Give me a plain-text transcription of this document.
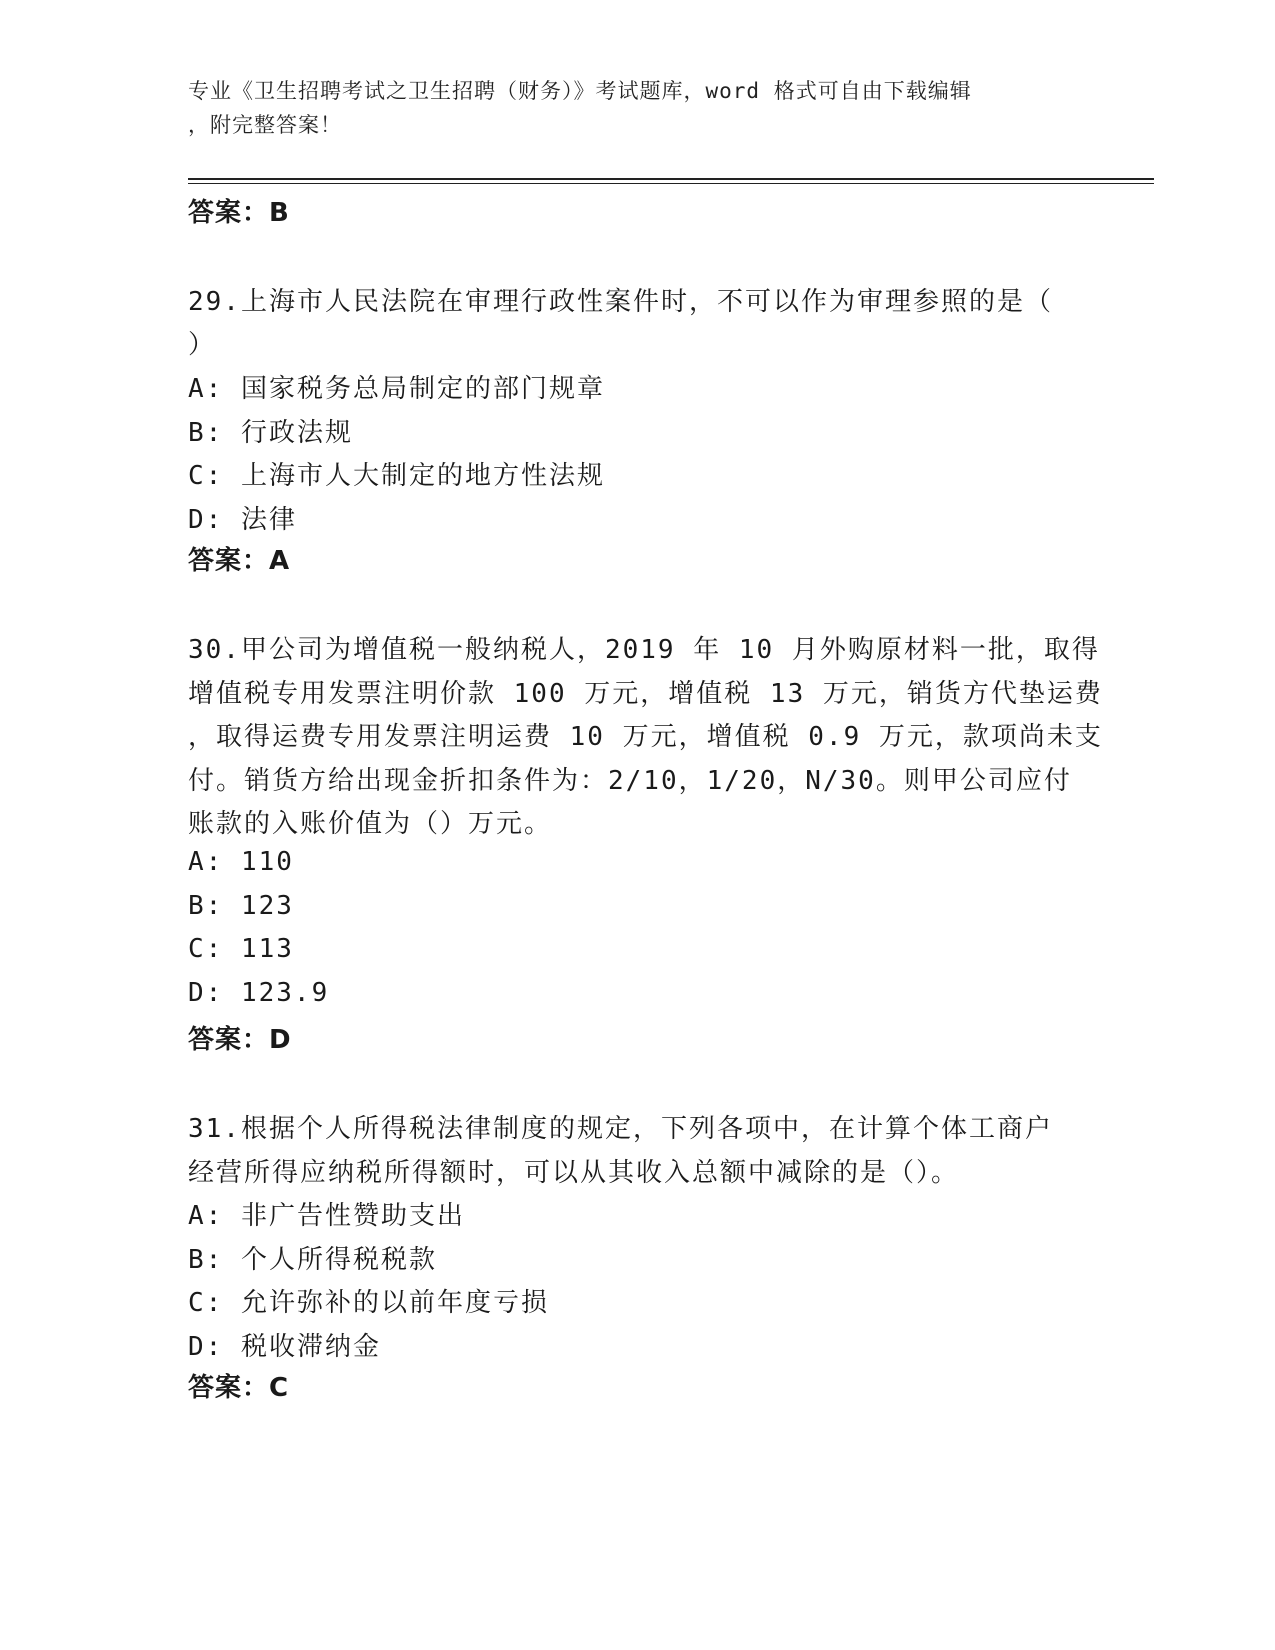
专业《卫生招聘考试之卫生招聘（财务）》考试题库，word 格式可自由下载编辑
，附完整答案！
答案：B
29.上海市人民法院在审理行政性案件时，不可以作为审理参照的是（
）
A: 国家税务总局制定的部门规章
B: 行政法规
C: 上海市人大制定的地方性法规
D: 法律
答案：A
30.甲公司为增值税一般纳税人，2019 年 10 月外购原材料一批，取得
增值税专用发票注明价款 100 万元，增值税 13 万元，销货方代垫运费
，取得运费专用发票注明运费 10 万元，增值税 0.9 万元，款项尚未支
付。销货方给出现金折扣条件为：2/10，1/20，N/30。则甲公司应付
账款的入账价值为（）万元。
A: 110
B: 123
C: 113
D: 123.9
答案：D
31.根据个人所得税法律制度的规定，下列各项中，在计算个体工商户
经营所得应纳税所得额时，可以从其收入总额中减除的是（）。
A: 非广告性赞助支出
B: 个人所得税税款
C: 允许弥补的以前年度亏损
D: 税收滞纳金
答案：C
